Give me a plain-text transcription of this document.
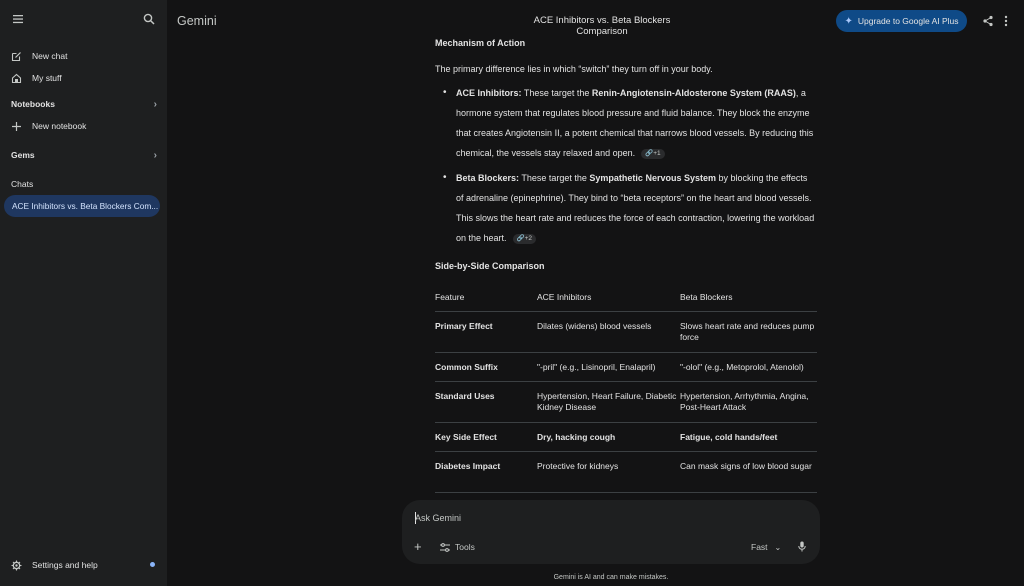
New chat
My stuff
Notebooks	›
New notebook
Gems	›
Chats
ACE Inhibitors vs. Beta Blockers Com...
Settings and help
Gemini	ACE Inhibitors vs. Beta Blockers Comparison
✦ Upgrade to Google AI Plus
Mechanism of Action
The primary difference lies in which “switch” they turn off in your body.
• ACE Inhibitors: These target the Renin-Angiotensin-Aldosterone System (RAAS), a hormone system that regulates blood pressure and fluid balance. They block the enzyme that creates Angiotensin II, a potent chemical that narrows blood vessels. By reducing this chemical, the vessels stay relaxed and open. 🔗+1
• Beta Blockers: These target the Sympathetic Nervous System by blocking the effects of adrenaline (epinephrine). They bind to “beta receptors” on the heart and blood vessels. This slows the heart rate and reduces the force of each contraction, lowering the workload on the heart. 🔗+2
Side-by-Side Comparison
Feature	ACE Inhibitors	Beta Blockers
Primary Effect	Dilates (widens) blood vessels	Slows heart rate and reduces pump force
Common Suffix	"-pril" (e.g., Lisinopril, Enalapril)	"-olol" (e.g., Metoprolol, Atenolol)
Standard Uses	Hypertension, Heart Failure, Diabetic Kidney Disease	Hypertension, Arrhythmia, Angina, Post-Heart Attack
Key Side Effect	Dry, hacking cough	Fatigue, cold hands/feet
Diabetes Impact	Protective for kidneys	Can mask signs of low blood sugar
Ask Gemini
+	Tools	Fast ⌄
Gemini is AI and can make mistakes.
